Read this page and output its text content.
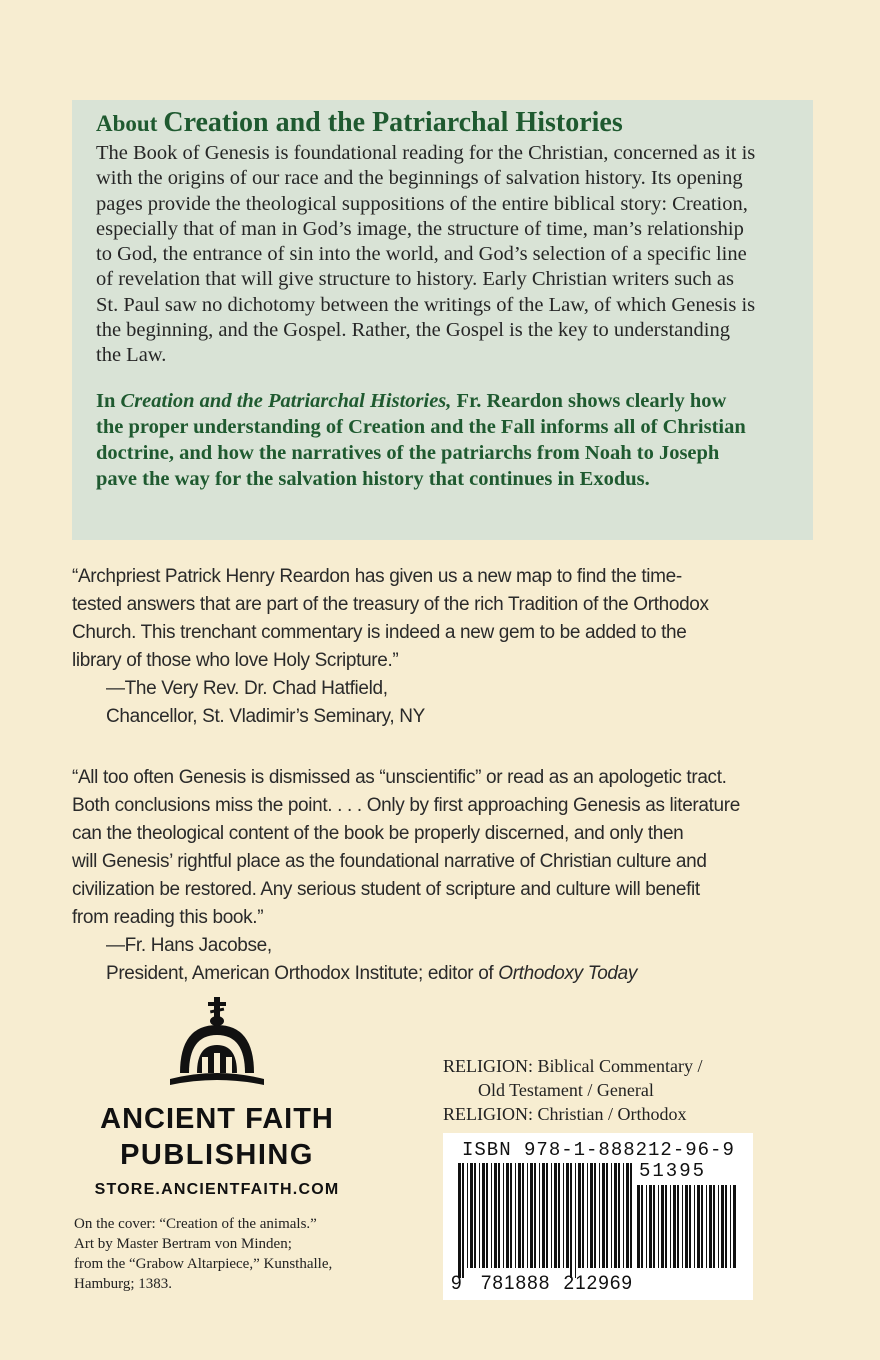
About Creation and the Patriarchal Histories

The Book of Genesis is foundational reading for the Christian, concerned as it is
with the origins of our race and the beginnings of salvation history. Its opening
pages provide the theological suppositions of the entire biblical story: Creation,
especially that of man in God’s image, the structure of time, man’s relationship
to God, the entrance of sin into the world, and God’s selection of a specific line
of revelation that will give structure to history. Early Christian writers such as
St. Paul saw no dichotomy between the writings of the Law, of which Genesis is
the beginning, and the Gospel. Rather, the Gospel is the key to understanding
the Law.

In Creation and the Patriarchal Histories, Fr. Reardon shows clearly how
the proper understanding of Creation and the Fall informs all of Christian
doctrine, and how the narratives of the patriarchs from Noah to Joseph
pave the way for the salvation history that continues in Exodus.

“Archpriest Patrick Henry Reardon has given us a new map to find the time-
tested answers that are part of the treasury of the rich Tradition of the Orthodox
Church. This trenchant commentary is indeed a new gem to be added to the
library of those who love Holy Scripture.”
—The Very Rev. Dr. Chad Hatfield,
Chancellor, St. Vladimir’s Seminary, NY
“All too often Genesis is dismissed as “unscientific” or read as an apologetic tract.
Both conclusions miss the point. . . . Only by first approaching Genesis as literature
can the theological content of the book be properly discerned, and only then
will Genesis’ rightful place as the foundational narrative of Christian culture and
civilization be restored. Any serious student of scripture and culture will benefit
from reading this book.”
—Fr. Hans Jacobse,
President, American Orthodox Institute; editor of Orthodoxy Today
ANCIENT FAITH
PUBLISHING
STORE.ANCIENTFAITH.COM
On the cover: “Creation of the animals.”
Art by Master Bertram von Minden;
from the “Grabow Altarpiece,” Kunsthalle,
Hamburg; 1383.
RELIGION: Biblical Commentary /
Old Testament / General
RELIGION: Christian / Orthodox
ISBN 978-1-888212-96-9
51395
9 781888 212969
